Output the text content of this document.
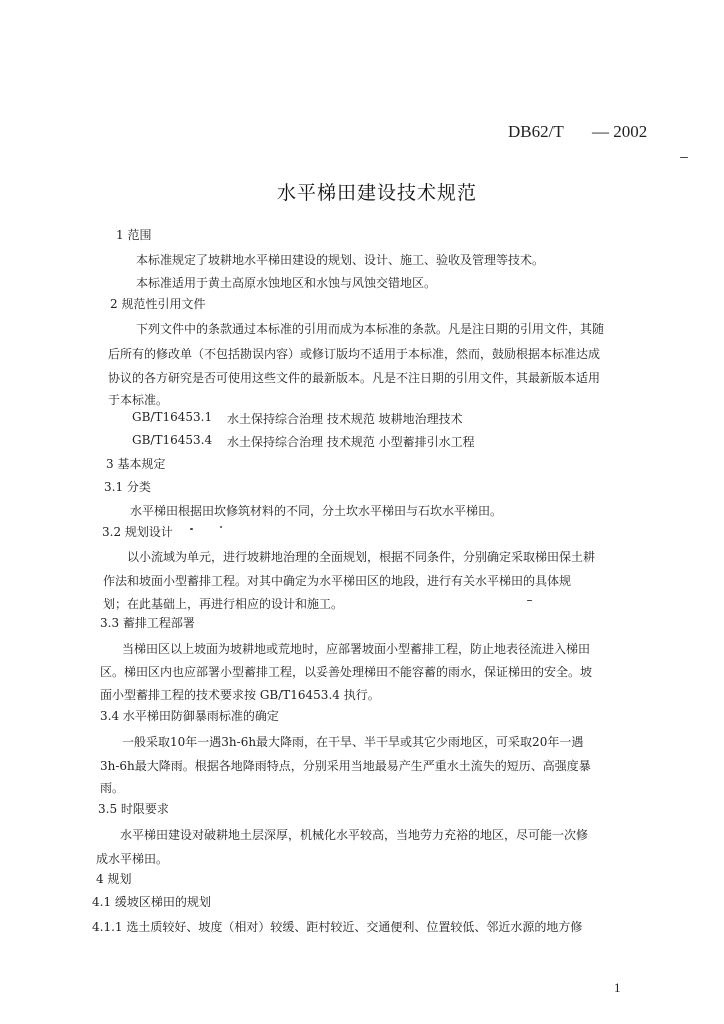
DB62/T — 2002
水平梯田建设技术规范
1 范围
本标准规定了坡耕地水平梯田建设的规划、设计、施工、验收及管理等技术。
本标准适用于黄土高原水蚀地区和水蚀与风蚀交错地区。
2 规范性引用文件
下列文件中的条款通过本标准的引用而成为本标准的条款。凡是注日期的引用文件，其随
后所有的修改单（不包括勘误内容）或修订版均不适用于本标准，然而，鼓励根据本标准达成
协议的各方研究是否可使用这些文件的最新版本。凡是不注日期的引用文件，其最新版本适用
于本标准。
GB/T16453.1 水土保持综合治理 技术规范 坡耕地治理技术
GB/T16453.4 水土保持综合治理 技术规范 小型蓄排引水工程
3 基本规定
3.1 分类
水平梯田根据田坎修筑材料的不同，分土坎水平梯田与石坎水平梯田。
3.2 规划设计
以小流域为单元，进行坡耕地治理的全面规划，根据不同条件，分别确定采取梯田保土耕
作法和坡面小型蓄排工程。对其中确定为水平梯田区的地段，进行有关水平梯田的具体规
划；在此基础上，再进行相应的设计和施工。
3.3 蓄排工程部署
当梯田区以上坡面为坡耕地或荒地时，应部署坡面小型蓄排工程，防止地表径流进入梯田
区。梯田区内也应部署小型蓄排工程，以妥善处理梯田不能容蓄的雨水，保证梯田的安全。坡
面小型蓄排工程的技术要求按 GB/T16453.4 执行。
3.4 水平梯田防御暴雨标准的确定
一般采取10年一遇3h-6h最大降雨，在干旱、半干旱或其它少雨地区，可采取20年一遇
3h-6h最大降雨。根据各地降雨特点，分别采用当地最易产生严重水土流失的短历、高强度暴
雨。
3.5 时限要求
水平梯田建设对破耕地土层深厚，机械化水平较高，当地劳力充裕的地区，尽可能一次修
成水平梯田。
4 规划
4.1 缓坡区梯田的规划
4.1.1 选土质较好、坡度（相对）较缓、距村较近、交通便利、位置较低、邻近水源的地方修
1
